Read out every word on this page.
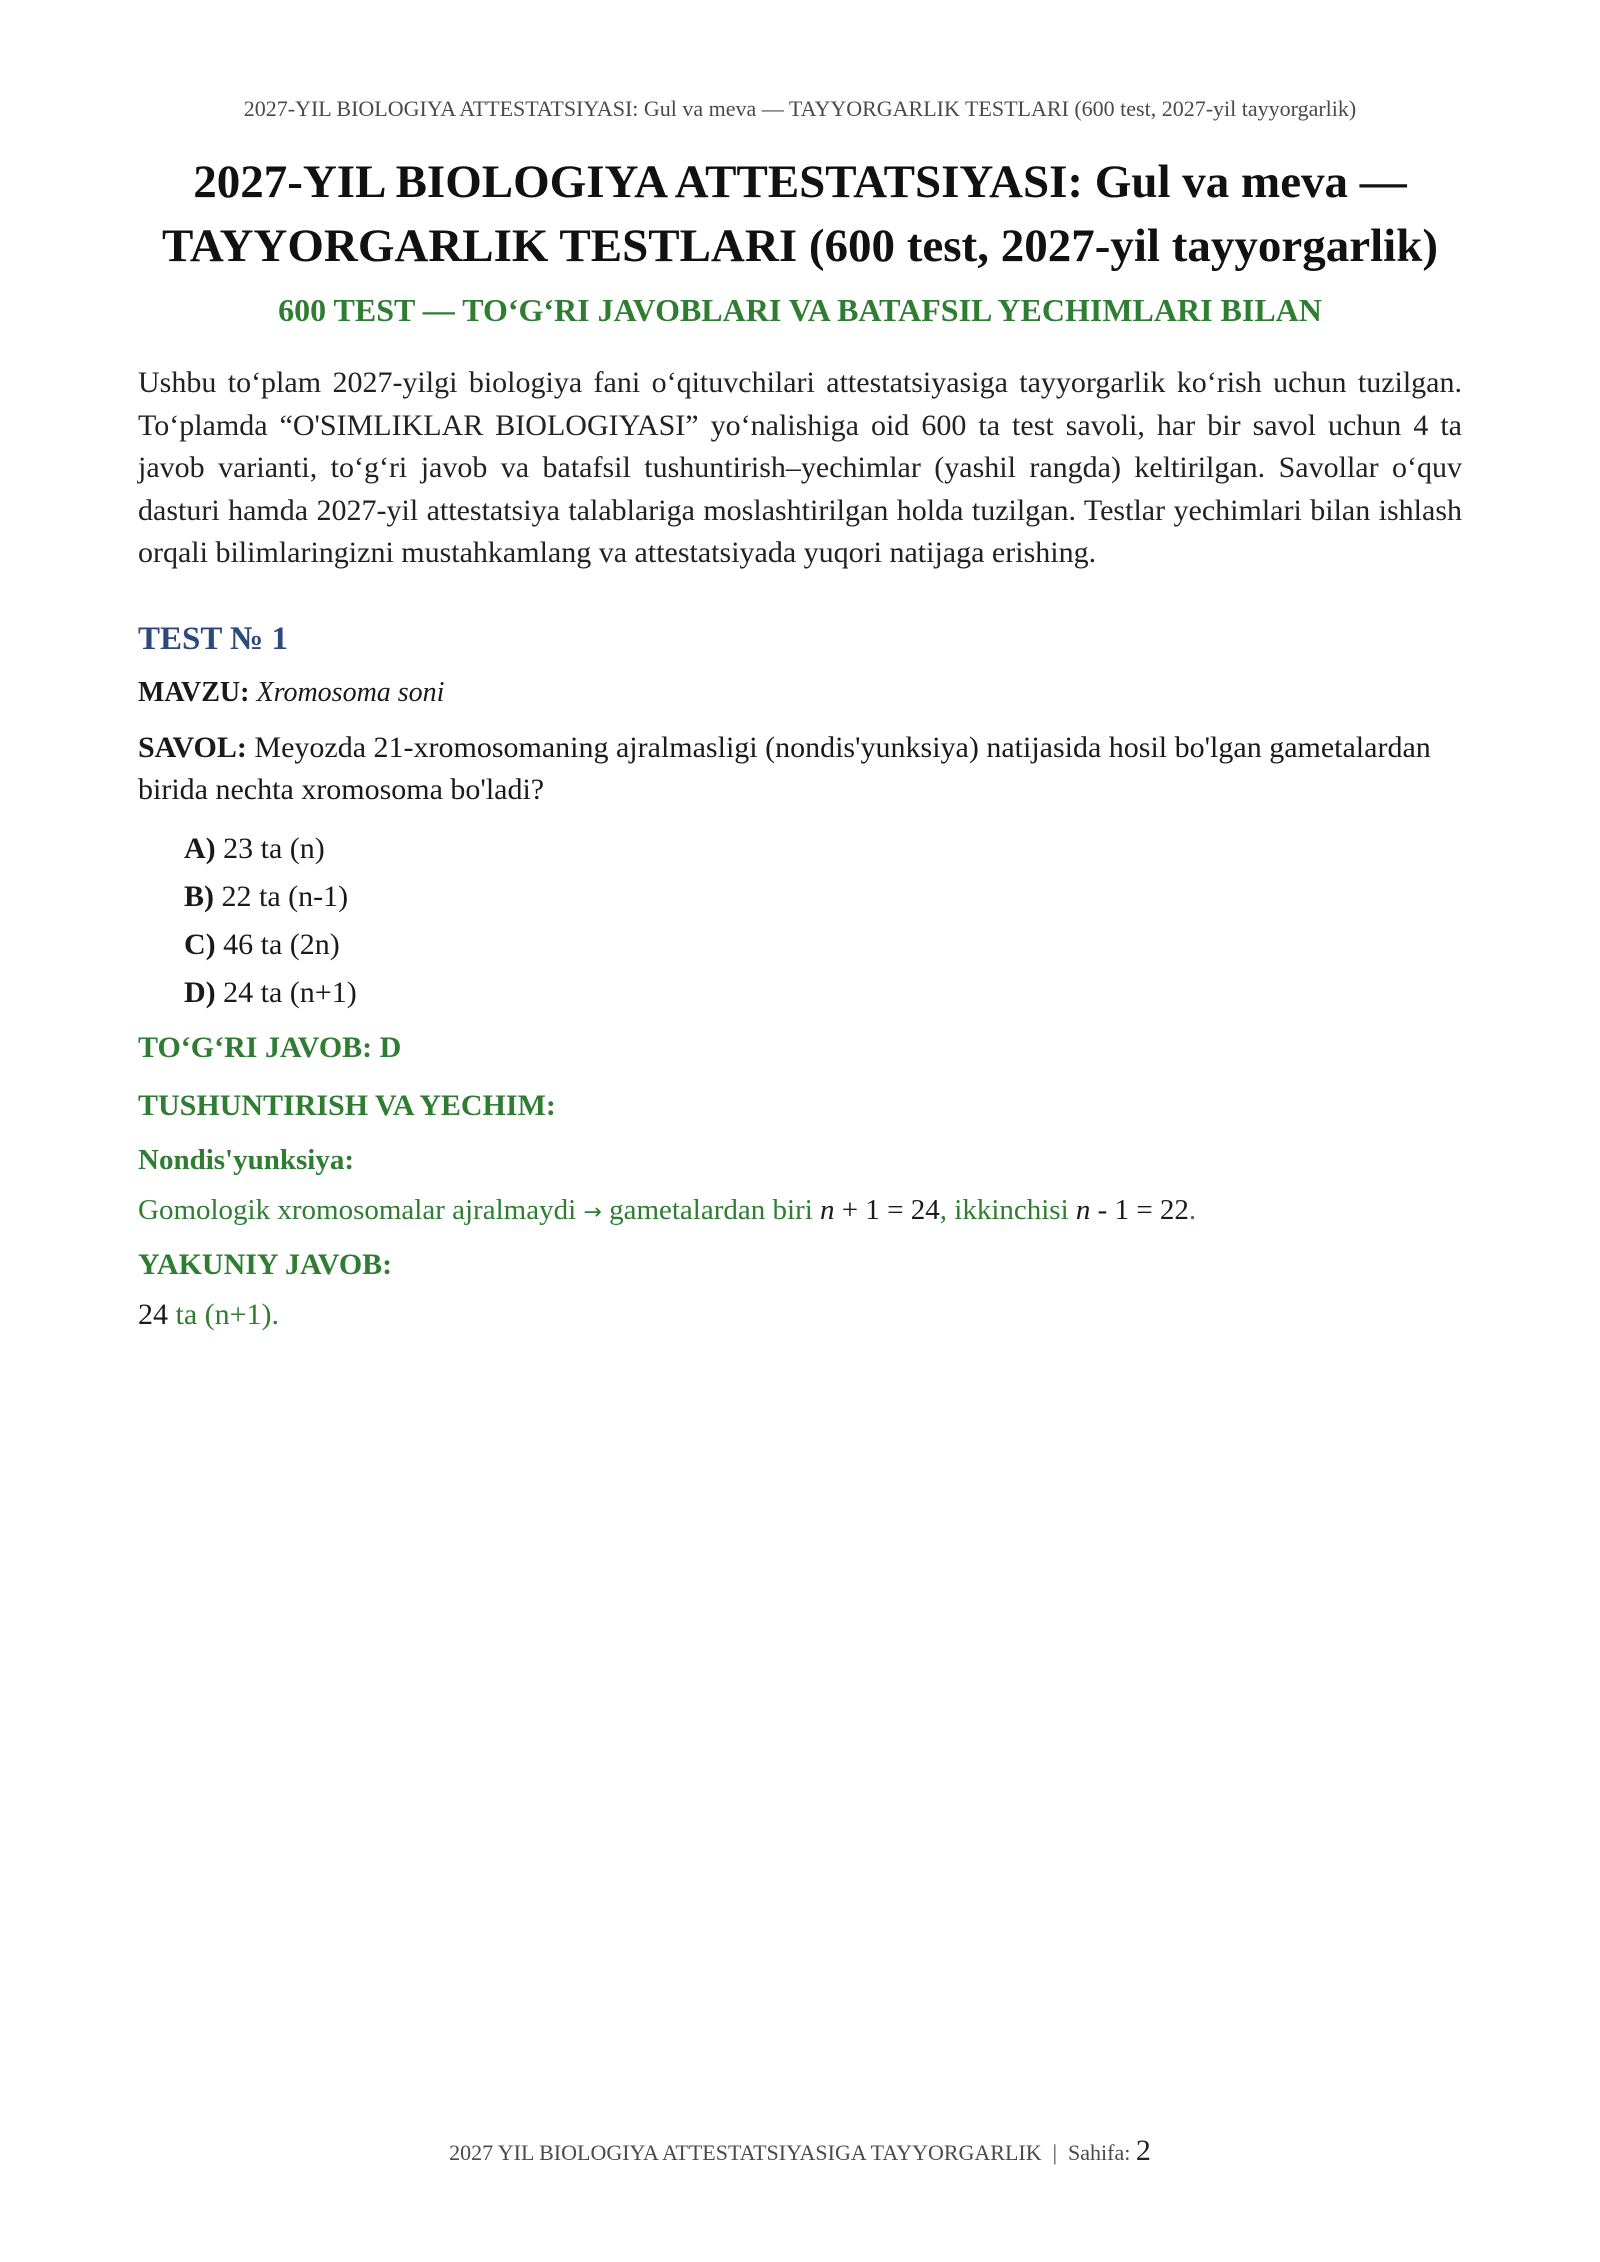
2027-YIL BIOLOGIYA ATTESTATSIYASI: Gul va meva — TAYYORGARLIK TESTLARI (600 test, 2027-yil tayyorgarlik)
2027-YIL BIOLOGIYA ATTESTATSIYASI: Gul va meva —
TAYYORGARLIK TESTLARI (600 test, 2027-yil tayyorgarlik)
600 TEST — TO‘G‘RI JAVOBLARI VA BATAFSIL YECHIMLARI BILAN

Ushbu to‘plam 2027-yilgi biologiya fani o‘qituvchilari attestatsiyasiga tayyorgarlik ko‘rish uchun tuzilgan. To‘plamda “O'SIMLIKLAR BIOLOGIYASI” yo‘nalishiga oid 600 ta test savoli, har bir savol uchun 4 ta javob varianti, to‘g‘ri javob va batafsil tushuntirish–yechimlar (yashil rangda) keltirilgan. Savollar o‘quv dasturi hamda 2027-yil attestatsiya talablariga moslashtirilgan holda tuzilgan. Testlar yechimlari bilan ishlash orqali bilimlaringizni mustahkamlang va attestatsiyada yuqori natijaga erishing.

TEST № 1
MAVZU: Xromosoma soni
SAVOL: Meyozda 21-xromosomaning ajralmasligi (nondis'yunksiya) natijasida hosil bo'lgan gametalardan birida nechta xromosoma bo'ladi?
A) 23 ta (n)
B) 22 ta (n-1)
C) 46 ta (2n)
D) 24 ta (n+1)
TO‘G‘RI JAVOB: D
TUSHUNTIRISH VA YECHIM:
Nondis'yunksiya:
Gomologik xromosomalar ajralmaydi → gametalardan biri n + 1 = 24, ikkinchisi n - 1 = 22.
YAKUNIY JAVOB:
24 ta (n+1).
2027 YIL BIOLOGIYA ATTESTATSIYASIGA TAYYORGARLIK | Sahifa: 2
